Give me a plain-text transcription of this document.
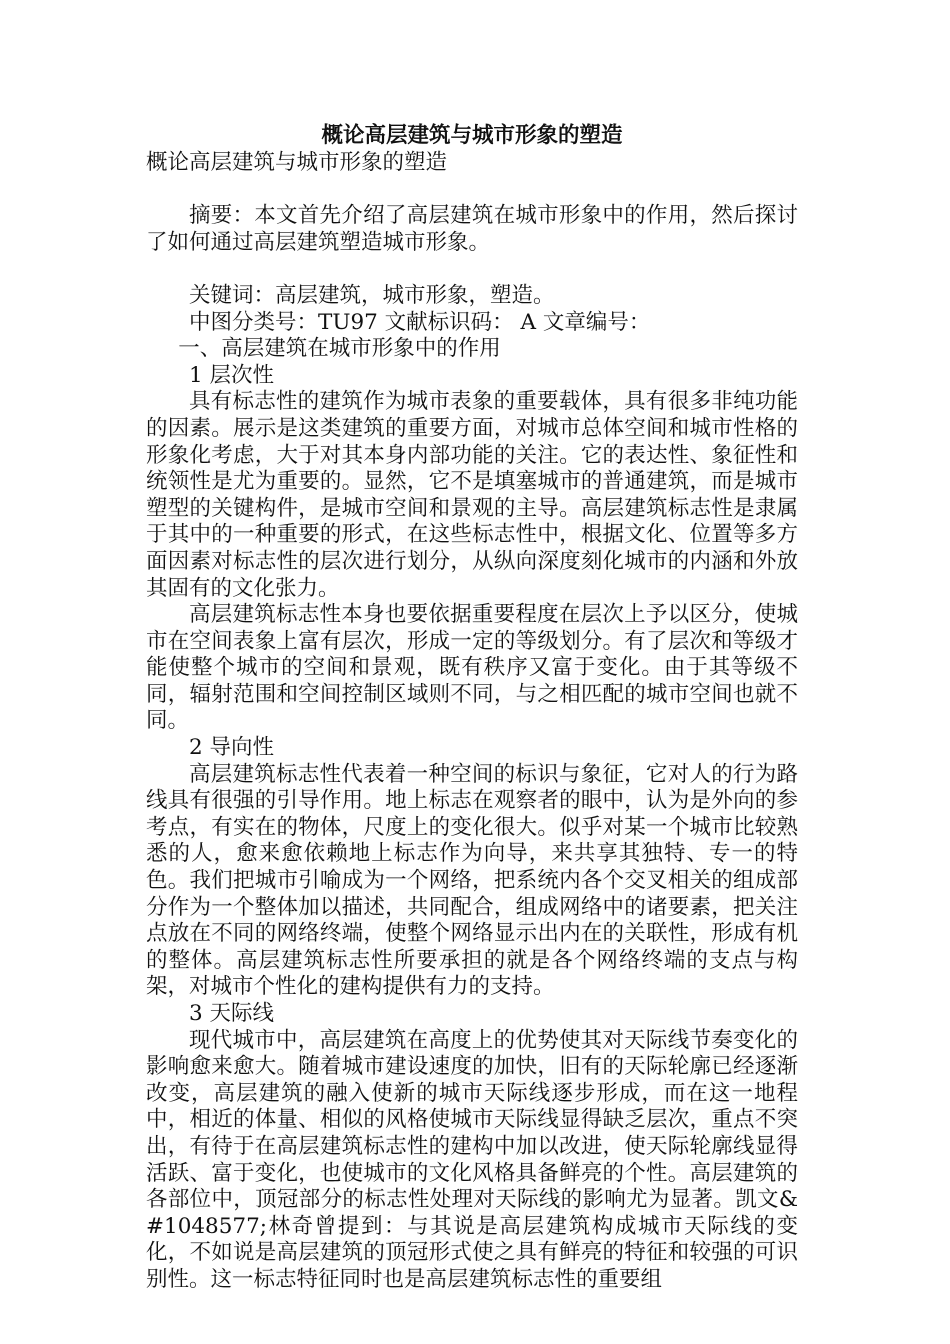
概论高层建筑与城市形象的塑造

概论高层建筑与城市形象的塑造

摘要：本文首先介绍了高层建筑在城市形象中的作用，然后探讨了如何通过高层建筑塑造城市形象。

关键词：高层建筑，城市形象，塑造。

中图分类号：TU97 文献标识码： A 文章编号：

一、高层建筑在城市形象中的作用

1 层次性

具有标志性的建筑作为城市表象的重要载体，具有很多非纯功能的因素。展示是这类建筑的重要方面，对城市总体空间和城市性格的形象化考虑，大于对其本身内部功能的关注。它的表达性、象征性和统领性是尤为重要的。显然，它不是填塞城市的普通建筑，而是城市塑型的关键构件，是城市空间和景观的主导。高层建筑标志性是隶属于其中的一种重要的形式，在这些标志性中，根据文化、位置等多方面因素对标志性的层次进行划分，从纵向深度刻化城市的内涵和外放其固有的文化张力。

高层建筑标志性本身也要依据重要程度在层次上予以区分，使城市在空间表象上富有层次，形成一定的等级划分。有了层次和等级才能使整个城市的空间和景观，既有秩序又富于变化。由于其等级不同，辐射范围和空间控制区域则不同，与之相匹配的城市空间也就不同。

2 导向性

高层建筑标志性代表着一种空间的标识与象征，它对人的行为路线具有很强的引导作用。地上标志在观察者的眼中，认为是外向的参考点，有实在的物体，尺度上的变化很大。似乎对某一个城市比较熟悉的人，愈来愈依赖地上标志作为向导，来共享其独特、专一的特色。我们把城市引喻成为一个网络，把系统内各个交叉相关的组成部分作为一个整体加以描述，共同配合，组成网络中的诸要素，把关注点放在不同的网络终端，使整个网络显示出内在的关联性，形成有机的整体。高层建筑标志性所要承担的就是各个网络终端的支点与构架，对城市个性化的建构提供有力的支持。

3 天际线

现代城市中，高层建筑在高度上的优势使其对天际线节奏变化的影响愈来愈大。随着城市建设速度的加快，旧有的天际轮廓已经逐渐改变，高层建筑的融入使新的城市天际线逐步形成，而在这一地程中，相近的体量、相似的风格使城市天际线显得缺乏层次，重点不突出，有待于在高层建筑标志性的建构中加以改进，使天际轮廓线显得活跃、富于变化，也使城市的文化风格具备鲜亮的个性。高层建筑的各部位中，顶冠部分的标志性处理对天际线的影响尤为显著。凯文&#1048577;林奇曾提到：与其说是高层建筑构成城市天际线的变化，不如说是高层建筑的顶冠形式使之具有鲜亮的特征和较强的可识别性。这一标志特征同时也是高层建筑标志性的重要组
